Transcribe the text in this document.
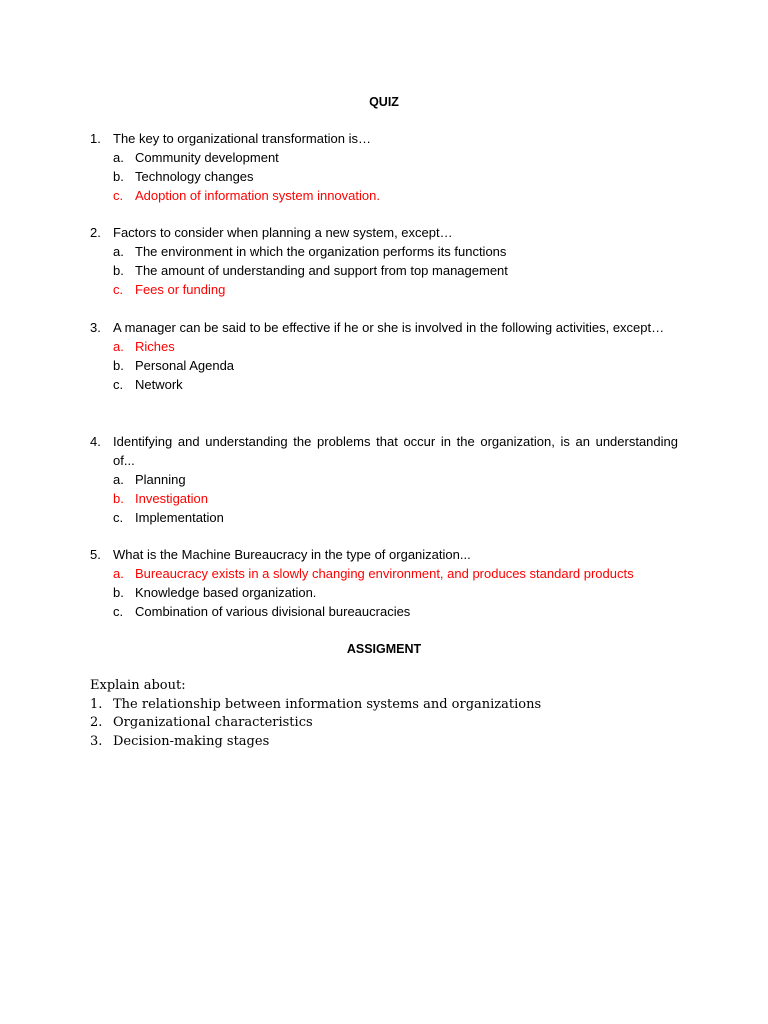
QUIZ
1. The key to organizational transformation is…
a. Community development
b. Technology changes
c. Adoption of information system innovation.
2. Factors to consider when planning a new system, except…
a. The environment in which the organization performs its functions
b. The amount of understanding and support from top management
c. Fees or funding
3. A manager can be said to be effective if he or she is involved in the following activities, except…
a. Riches
b. Personal Agenda
c. Network
4. Identifying and understanding the problems that occur in the organization, is an understanding of...
a. Planning
b. Investigation
c. Implementation
5. What is the Machine Bureaucracy in the type of organization...
a. Bureaucracy exists in a slowly changing environment, and produces standard products
b. Knowledge based organization.
c. Combination of various divisional bureaucracies
ASSIGMENT
Explain about:
1. The relationship between information systems and organizations
2. Organizational characteristics
3. Decision-making stages
